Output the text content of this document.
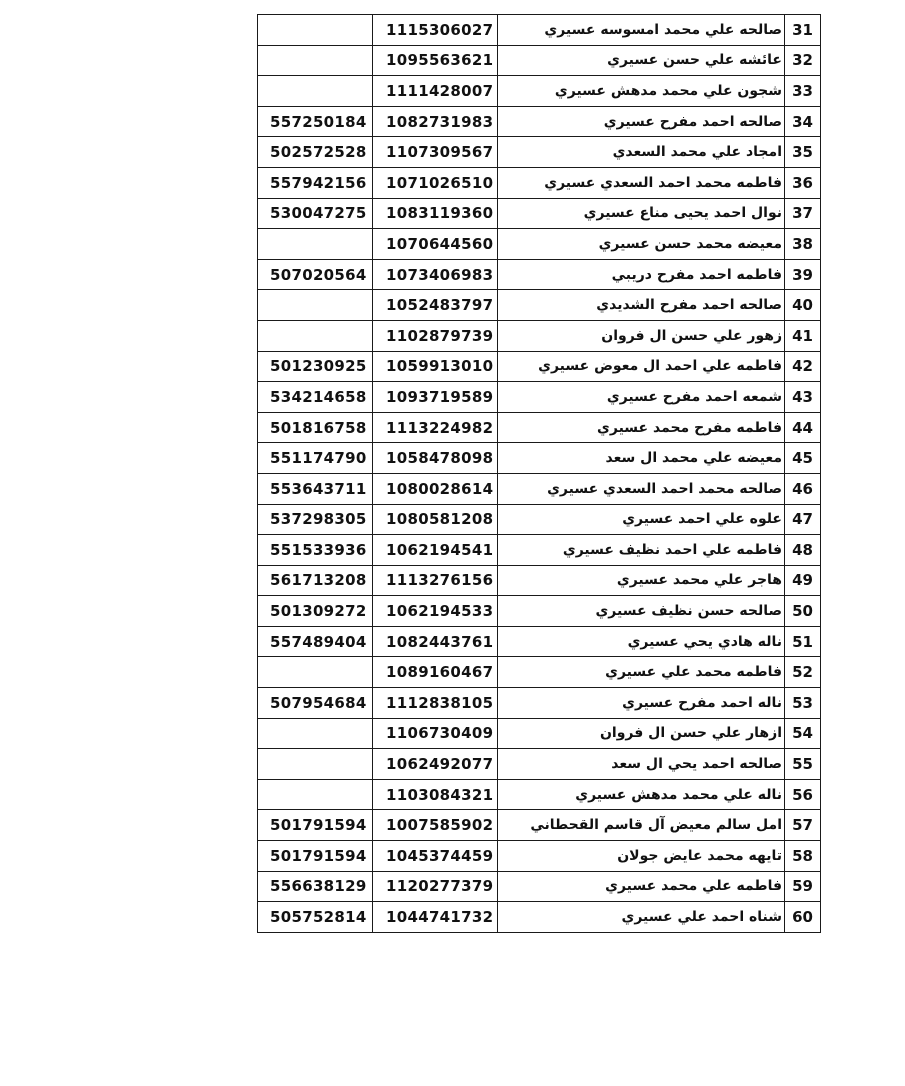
	1115306027	صالحه علي محمد امسوسه عسيري	31
	1095563621	عائشه علي حسن عسيري	32
	1111428007	شجون علي محمد مدهش عسيري	33
557250184	1082731983	صالحه احمد مفرح عسيري	34
502572528	1107309567	امجاد علي محمد السعدي	35
557942156	1071026510	فاطمه محمد احمد السعدي عسيري	36
530047275	1083119360	نوال احمد يحيى مناع عسيري	37
	1070644560	معيضه محمد حسن عسيري	38
507020564	1073406983	فاطمه احمد مفرح دريبي	39
	1052483797	صالحه احمد مفرح الشديدي	40
	1102879739	زهور علي حسن ال فروان	41
501230925	1059913010	فاطمه علي احمد ال معوض عسيري	42
534214658	1093719589	شمعه احمد مفرح عسيري	43
501816758	1113224982	فاطمه مفرح محمد عسيري	44
551174790	1058478098	معيضه علي محمد ال سعد	45
553643711	1080028614	صالحه محمد احمد السعدي عسيري	46
537298305	1080581208	علوه علي احمد عسيري	47
551533936	1062194541	فاطمه علي احمد نظيف عسيري	48
561713208	1113276156	هاجر علي محمد عسيري	49
501309272	1062194533	صالحه حسن نظيف عسيري	50
557489404	1082443761	ناله هادي يحي عسيري	51
	1089160467	فاطمه محمد علي عسيري	52
507954684	1112838105	ناله احمد مفرح عسيري	53
	1106730409	ازهار علي حسن ال فروان	54
	1062492077	صالحه احمد يحي ال سعد	55
	1103084321	ناله علي محمد مدهش عسيري	56
501791594	1007585902	امل سالم معيض آل قاسم القحطاني	57
501791594	1045374459	تايهه محمد عايض جولان	58
556638129	1120277379	فاطمه علي محمد عسيري	59
505752814	1044741732	شناه احمد علي عسيري	60
